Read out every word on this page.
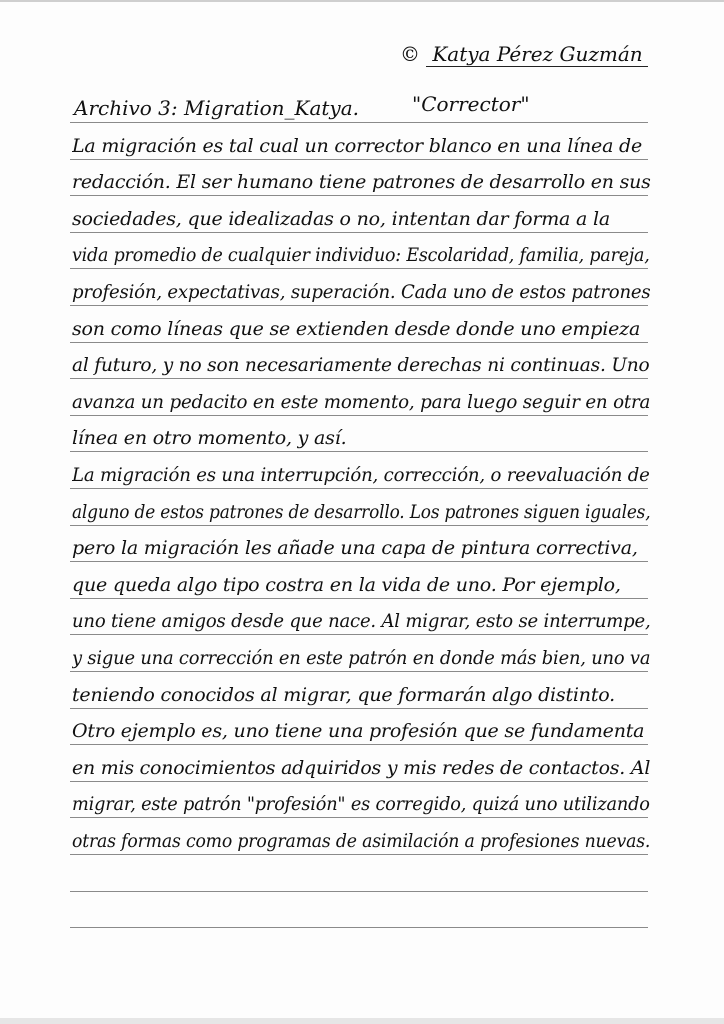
© Katya Pérez Guzmán
Archivo 3: Migration_Katya.	"Corrector"
La migración es tal cual un corrector blanco en una línea de
redacción. El ser humano tiene patrones de desarrollo en sus
sociedades, que idealizadas o no, intentan dar forma a la
vida promedio de cualquier individuo: Escolaridad, familia, pareja,
profesión, expectativas, superación. Cada uno de estos patrones
son como líneas que se extienden desde donde uno empieza
al futuro, y no son necesariamente derechas ni continuas. Uno
avanza un pedacito en este momento, para luego seguir en otra
línea en otro momento, y así.
La migración es una interrupción, corrección, o reevaluación de
alguno de estos patrones de desarrollo. Los patrones siguen iguales,
pero la migración les añade una capa de pintura correctiva,
que queda algo tipo costra en la vida de uno. Por ejemplo,
uno tiene amigos desde que nace. Al migrar, esto se interrumpe,
y sigue una corrección en este patrón en donde más bien, uno va
teniendo conocidos al migrar, que formarán algo distinto.
Otro ejemplo es, uno tiene una profesión que se fundamenta
en mis conocimientos adquiridos y mis redes de contactos. Al
migrar, este patrón "profesión" es corregido, quizá uno utilizando
otras formas como programas de asimilación a profesiones nuevas.
